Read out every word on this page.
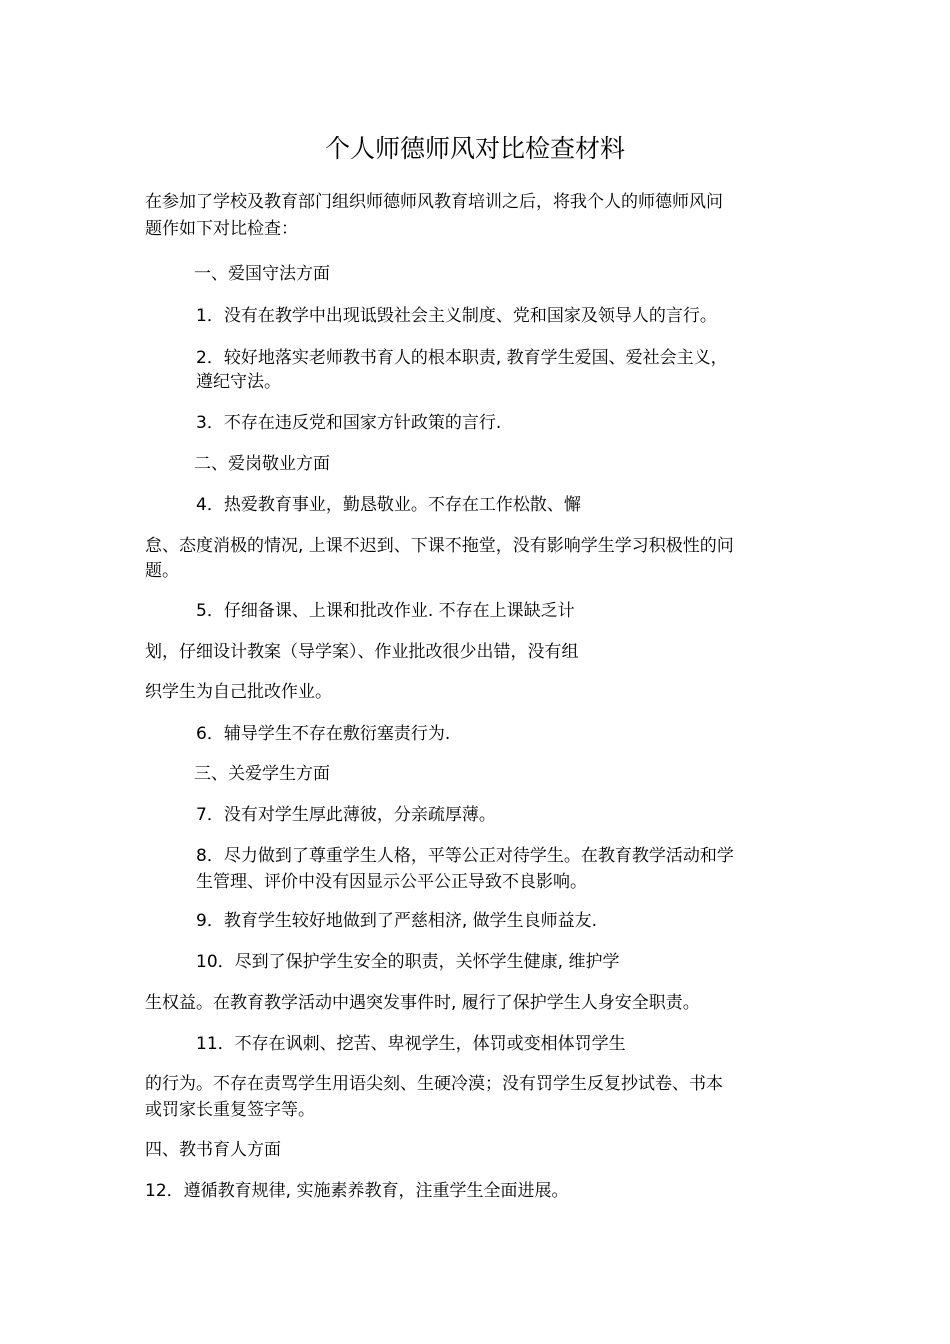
个人师德师风对比检查材料
在参加了学校及教育部门组织师德师风教育培训之后，将我个人的师德师风问
题作如下对比检查：
一、爱国守法方面
1．没有在教学中出现诋毁社会主义制度、党和国家及领导人的言行。
2．较好地落实老师教书育人的根本职责, 教育学生爱国、爱社会主义，
遵纪守法。
3．不存在违反党和国家方针政策的言行.
二、爱岗敬业方面
4．热爱教育事业，勤恳敬业。不存在工作松散、懈
怠、态度消极的情况, 上课不迟到、下课不拖堂，没有影响学生学习积极性的问
题。
5．仔细备课、上课和批改作业. 不存在上课缺乏计
划，仔细设计教案（导学案）、作业批改很少出错，没有组
织学生为自己批改作业。
6．辅导学生不存在敷衍塞责行为.
三、关爱学生方面
7．没有对学生厚此薄彼，分亲疏厚薄。
8．尽力做到了尊重学生人格，平等公正对待学生。在教育教学活动和学
生管理、评价中没有因显示公平公正导致不良影响。
9．教育学生较好地做到了严慈相济, 做学生良师益友.
10．尽到了保护学生安全的职责，关怀学生健康, 维护学
生权益。在教育教学活动中遇突发事件时, 履行了保护学生人身安全职责。
11．不存在讽刺、挖苦、卑视学生，体罚或变相体罚学生
的行为。不存在责骂学生用语尖刻、生硬冷漠；没有罚学生反复抄试卷、书本
或罚家长重复签字等。
四、教书育人方面
12．遵循教育规律, 实施素养教育，注重学生全面进展。
